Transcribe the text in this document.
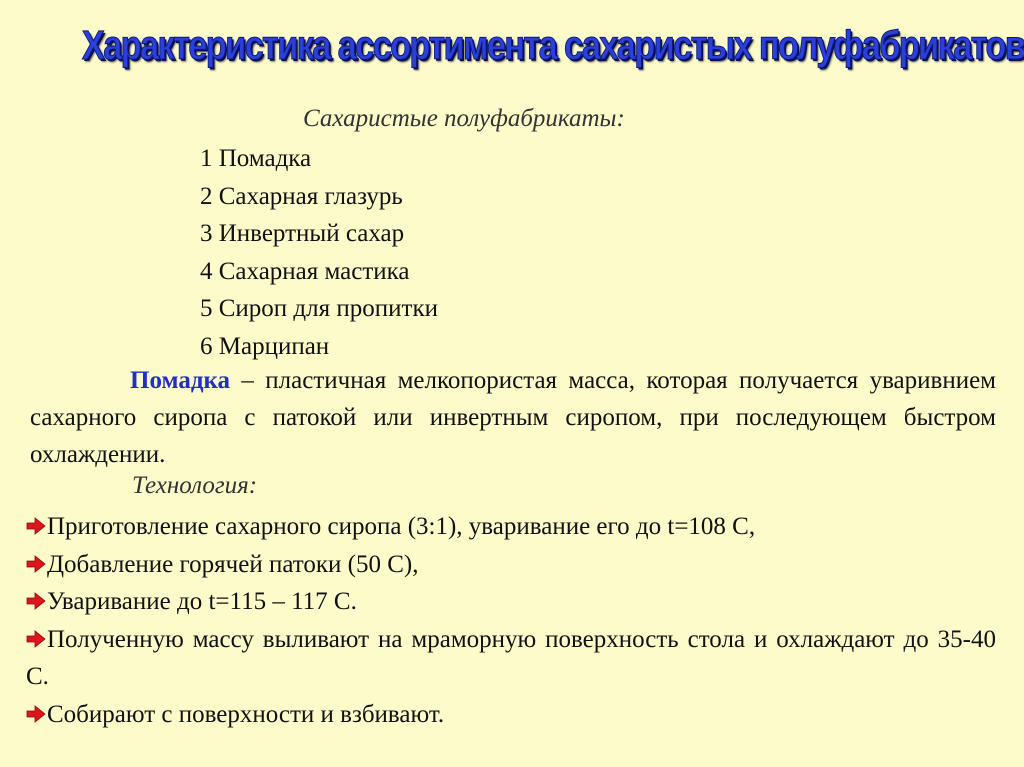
Характеристика ассортимента сахаристых полуфабрикатов
Сахаристые полуфабрикаты:
1 Помадка
2 Сахарная глазурь
3 Инвертный сахар
4 Сахарная мастика
5 Сироп для пропитки
6 Марципан

Помадка – пластичная мелкопористая масса, которая получается уваривнием сахарного сиропа с патокой или инвертным сиропом, при последующем быстром охлаждении.

Технология:
Приготовление сахарного сиропа (3:1), уваривание его до t=108 С,
Добавление горячей патоки (50 С),
Уваривание до t=115 – 117 С.
Полученную массу выливают на мраморную поверхность стола и охлаждают до 35-40 С.
Собирают с поверхности и взбивают.
